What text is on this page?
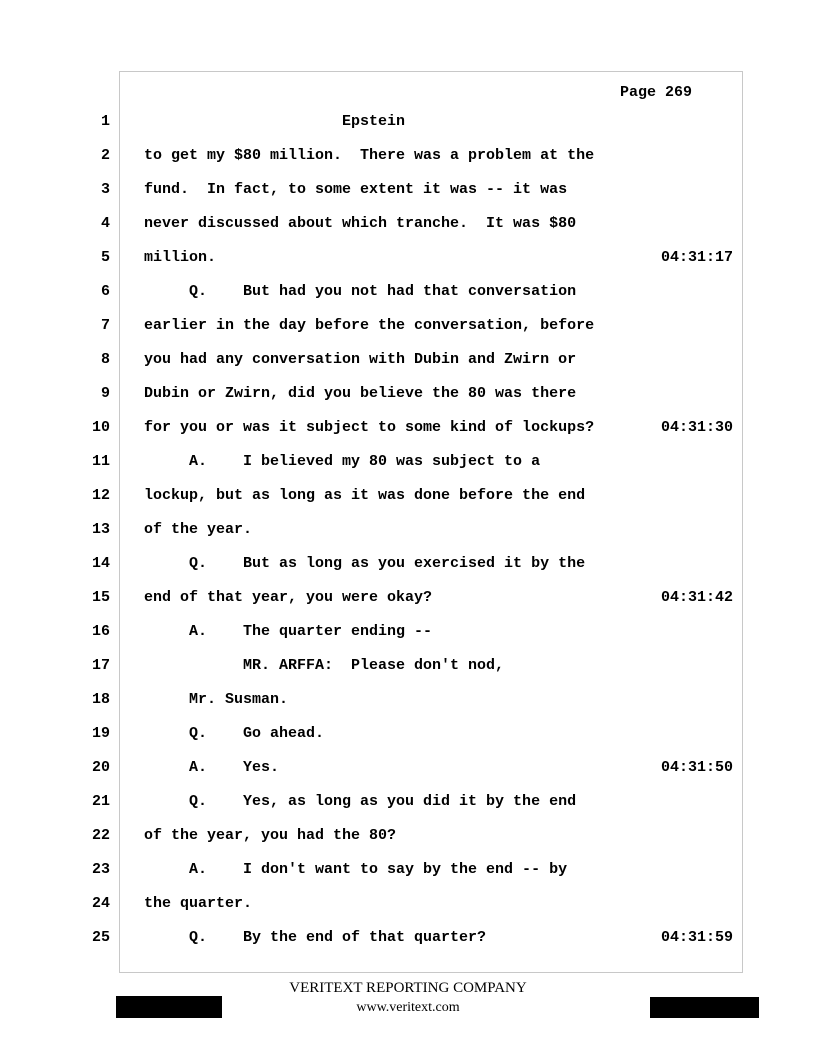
Page 269
1 Epstein
2 to get my $80 million.  There was a problem at the
3 fund.  In fact, to some extent it was -- it was
4 never discussed about which tranche.  It was $80
5 million.	04:31:17
6 Q.    But had you not had that conversation
7 earlier in the day before the conversation, before
8 you had any conversation with Dubin and Zwirn or
9 Dubin or Zwirn, did you believe the 80 was there
10 for you or was it subject to some kind of lockups?	04:31:30
11 A.    I believed my 80 was subject to a
12 lockup, but as long as it was done before the end
13 of the year.
14 Q.    But as long as you exercised it by the
15 end of that year, you were okay?	04:31:42
16 A.    The quarter ending --
17 MR. ARFFA:  Please don't nod,
18 Mr. Susman.
19 Q.    Go ahead.
20 A.    Yes.	04:31:50
21 Q.    Yes, as long as you did it by the end
22 of the year, you had the 80?
23 A.    I don't want to say by the end -- by
24 the quarter.
25 Q.    By the end of that quarter?	04:31:59
VERITEXT REPORTING COMPANY
www.veritext.com
